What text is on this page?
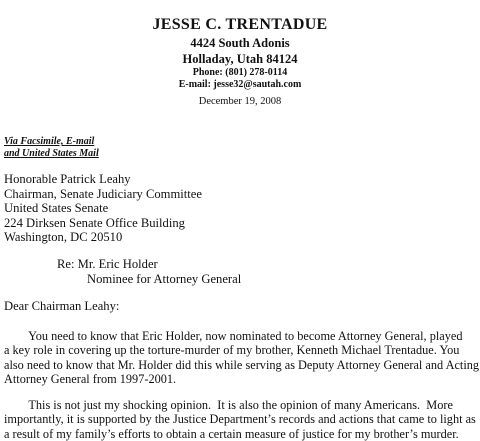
JESSE C. TRENTADUE
4424 South Adonis
Holladay, Utah 84124
Phone: (801) 278-0114
E-mail: jesse32@sautah.com
December 19, 2008
Via Facsimile, E-mail
and United States Mail
Honorable Patrick Leahy
Chairman, Senate Judiciary Committee
United States Senate
224 Dirksen Senate Office Building
Washington, DC 20510
Re: Mr. Eric Holder
Nominee for Attorney General
Dear Chairman Leahy:
You need to know that Eric Holder, now nominated to become Attorney General, played
a key role in covering up the torture-murder of my brother, Kenneth Michael Trentadue. You
also need to know that Mr. Holder did this while serving as Deputy Attorney General and Acting
Attorney General from 1997-2001.
This is not just my shocking opinion.  It is also the opinion of many Americans.  More
importantly, it is supported by the Justice Department’s records and actions that came to light as
a result of my family’s efforts to obtain a certain measure of justice for my brother’s murder.
